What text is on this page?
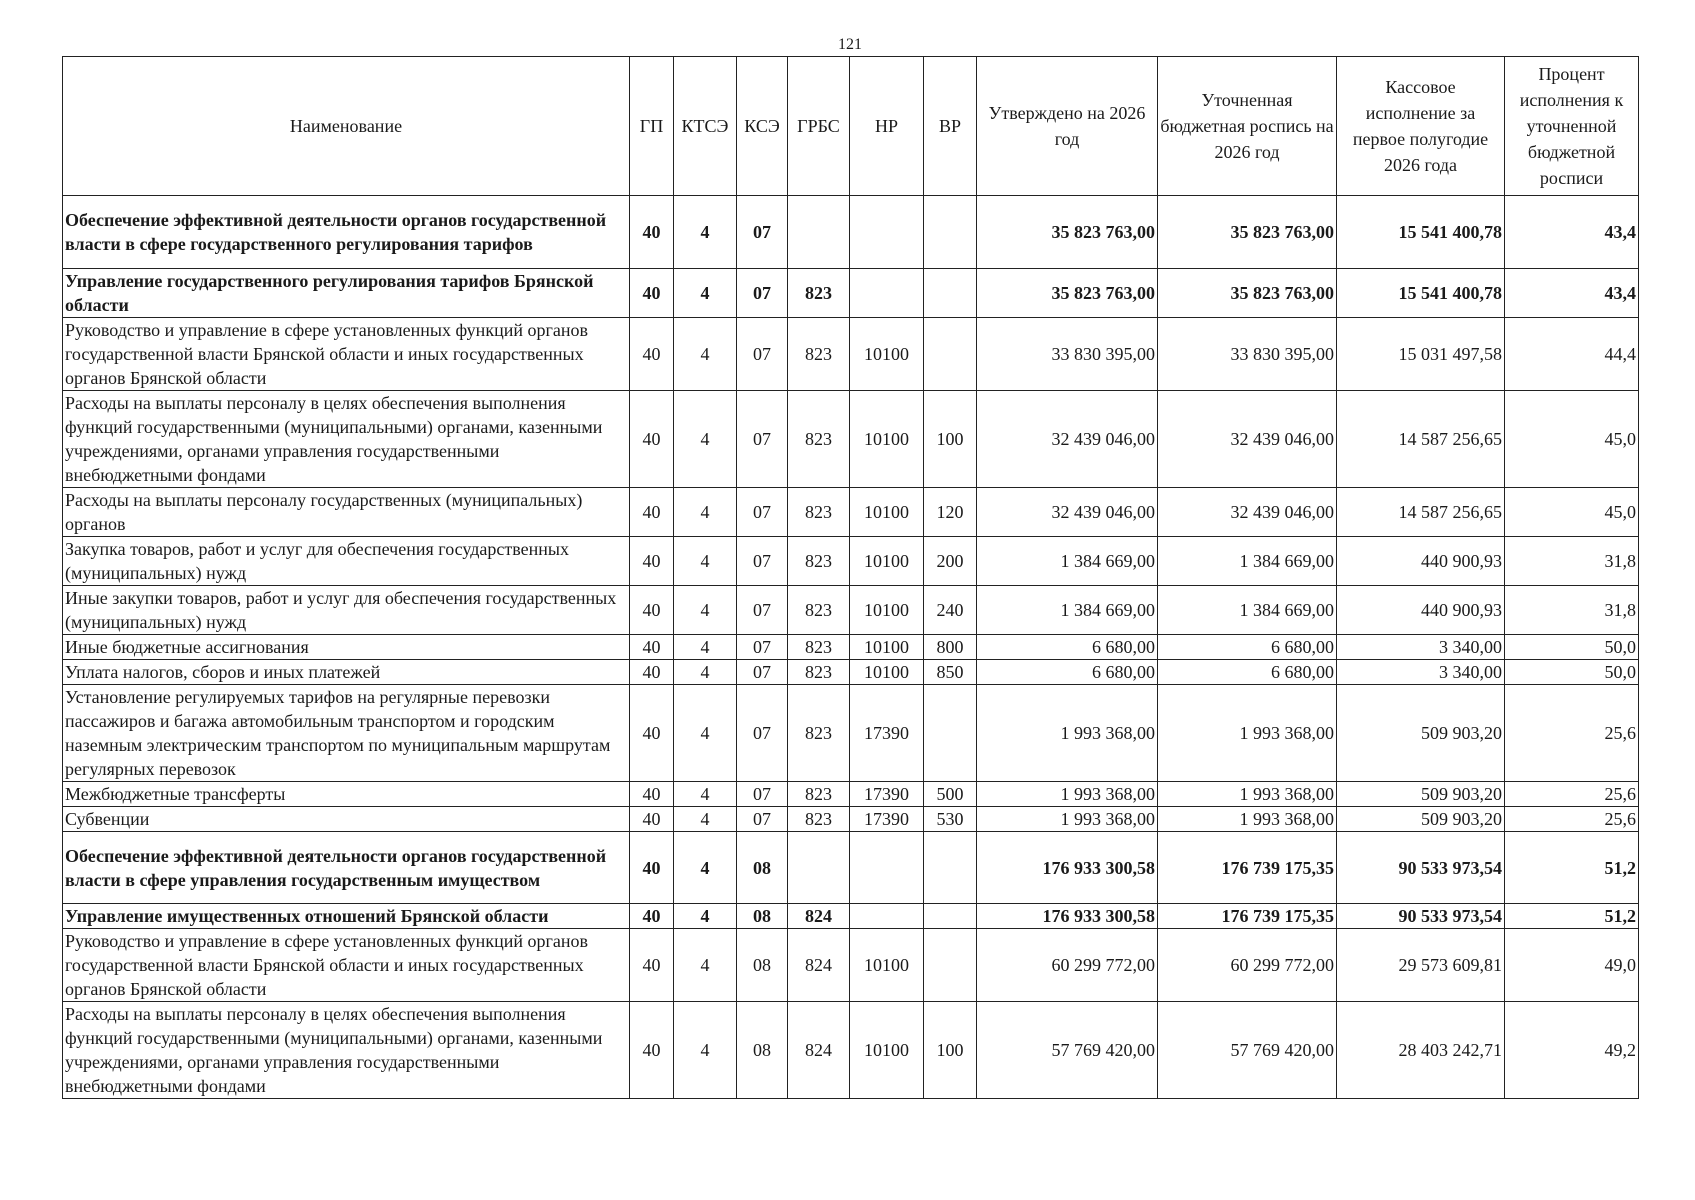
121
Наименование	ГП	КТСЭ	КСЭ	ГРБС	НР	ВР	Утверждено на 2026 год	Уточненная бюджетная роспись на 2026 год	Кассовое исполнение за первое полугодие 2026 года	Процент исполнения к уточненной бюджетной росписи
Обеспечение эффективной деятельности органов государственной власти в сфере государственного регулирования тарифов	40	4	07				35 823 763,00	35 823 763,00	15 541 400,78	43,4
Управление государственного регулирования тарифов Брянской области	40	4	07	823			35 823 763,00	35 823 763,00	15 541 400,78	43,4
Руководство и управление в сфере установленных функций органов государственной власти Брянской области и иных государственных органов Брянской области	40	4	07	823	10100		33 830 395,00	33 830 395,00	15 031 497,58	44,4
Расходы на выплаты персоналу в целях обеспечения выполнения функций государственными (муниципальными) органами, казенными учреждениями, органами управления государственными внебюджетными фондами	40	4	07	823	10100	100	32 439 046,00	32 439 046,00	14 587 256,65	45,0
Расходы на выплаты персоналу государственных (муниципальных) органов	40	4	07	823	10100	120	32 439 046,00	32 439 046,00	14 587 256,65	45,0
Закупка товаров, работ и услуг для обеспечения государственных (муниципальных) нужд	40	4	07	823	10100	200	1 384 669,00	1 384 669,00	440 900,93	31,8
Иные закупки товаров, работ и услуг для обеспечения государственных (муниципальных) нужд	40	4	07	823	10100	240	1 384 669,00	1 384 669,00	440 900,93	31,8
Иные бюджетные ассигнования	40	4	07	823	10100	800	6 680,00	6 680,00	3 340,00	50,0
Уплата налогов, сборов и иных платежей	40	4	07	823	10100	850	6 680,00	6 680,00	3 340,00	50,0
Установление регулируемых тарифов на регулярные перевозки пассажиров и багажа автомобильным транспортом и городским наземным электрическим транспортом по муниципальным маршрутам регулярных перевозок	40	4	07	823	17390		1 993 368,00	1 993 368,00	509 903,20	25,6
Межбюджетные трансферты	40	4	07	823	17390	500	1 993 368,00	1 993 368,00	509 903,20	25,6
Субвенции	40	4	07	823	17390	530	1 993 368,00	1 993 368,00	509 903,20	25,6
Обеспечение эффективной деятельности органов государственной власти в сфере управления государственным имуществом	40	4	08				176 933 300,58	176 739 175,35	90 533 973,54	51,2
Управление имущественных отношений Брянской области	40	4	08	824			176 933 300,58	176 739 175,35	90 533 973,54	51,2
Руководство и управление в сфере установленных функций органов государственной власти Брянской области и иных государственных органов Брянской области	40	4	08	824	10100		60 299 772,00	60 299 772,00	29 573 609,81	49,0
Расходы на выплаты персоналу в целях обеспечения выполнения функций государственными (муниципальными) органами, казенными учреждениями, органами управления государственными внебюджетными фондами	40	4	08	824	10100	100	57 769 420,00	57 769 420,00	28 403 242,71	49,2
